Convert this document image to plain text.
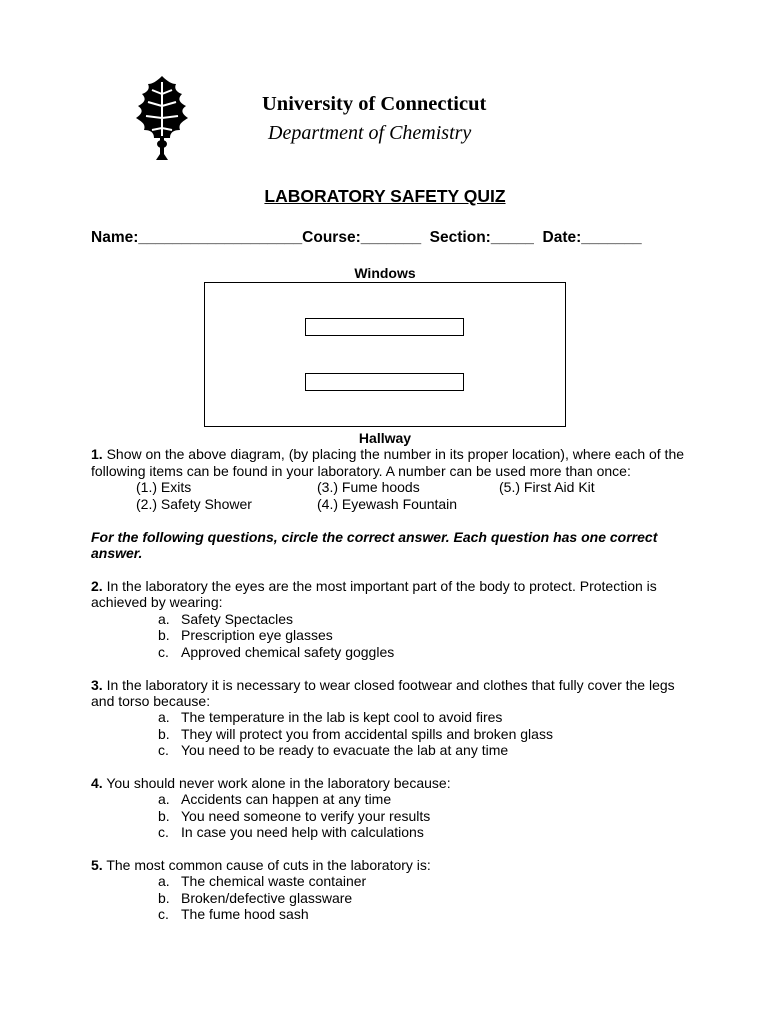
University of Connecticut
Department of Chemistry
LABORATORY SAFETY QUIZ
Name:___________________Course:_______  Section:_____  Date:_______
Windows
Hallway
1. Show on the above diagram, (by placing the number in its proper location), where each of the
following items can be found in your laboratory. A number can be used more than once:
(1.) Exits
(2.) Safety Shower
(3.) Fume hoods
(4.) Eyewash Fountain
(5.) First Aid Kit
For the following questions, circle the correct answer. Each question has one correct answer.
2. In the laboratory the eyes are the most important part of the body to protect. Protection is
achieved by wearing:
a. Safety Spectacles
b. Prescription eye glasses
c. Approved chemical safety goggles
3. In the laboratory it is necessary to wear closed footwear and clothes that fully cover the legs
and torso because:
a. The temperature in the lab is kept cool to avoid fires
b. They will protect you from accidental spills and broken glass
c. You need to be ready to evacuate the lab at any time
4. You should never work alone in the laboratory because:
a. Accidents can happen at any time
b. You need someone to verify your results
c. In case you need help with calculations
5. The most common cause of cuts in the laboratory is:
a. The chemical waste container
b. Broken/defective glassware
c. The fume hood sash
